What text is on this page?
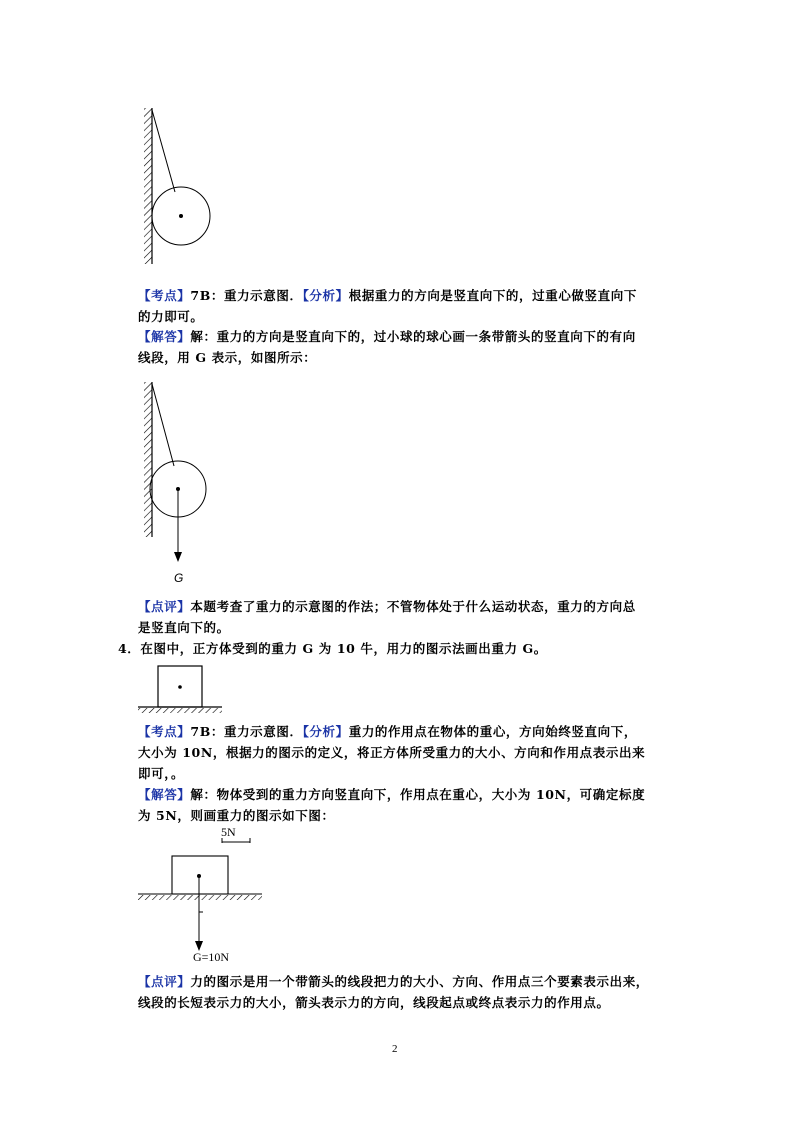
【考点】7B：重力示意图．【分析】根据重力的方向是竖直向下的，过重心做竖直向下
的力即可。
【解答】解：重力的方向是竖直向下的，过小球的球心画一条带箭头的竖直向下的有向
线段，用 G 表示，如图所示：
G
【点评】本题考查了重力的示意图的作法；不管物体处于什么运动状态，重力的方向总
是竖直向下的。
4．在图中，正方体受到的重力 G 为 10 牛，用力的图示法画出重力 G。
【考点】7B：重力示意图．【分析】重力的作用点在物体的重心，方向始终竖直向下，
大小为 10N，根据力的图示的定义，将正方体所受重力的大小、方向和作用点表示出来
即可，。
【解答】解：物体受到的重力方向竖直向下，作用点在重心，大小为 10N，可确定标度
为 5N，则画重力的图示如下图：
5N
G=10N
【点评】力的图示是用一个带箭头的线段把力的大小、方向、作用点三个要素表示出来，
线段的长短表示力的大小，箭头表示力的方向，线段起点或终点表示力的作用点。
2
